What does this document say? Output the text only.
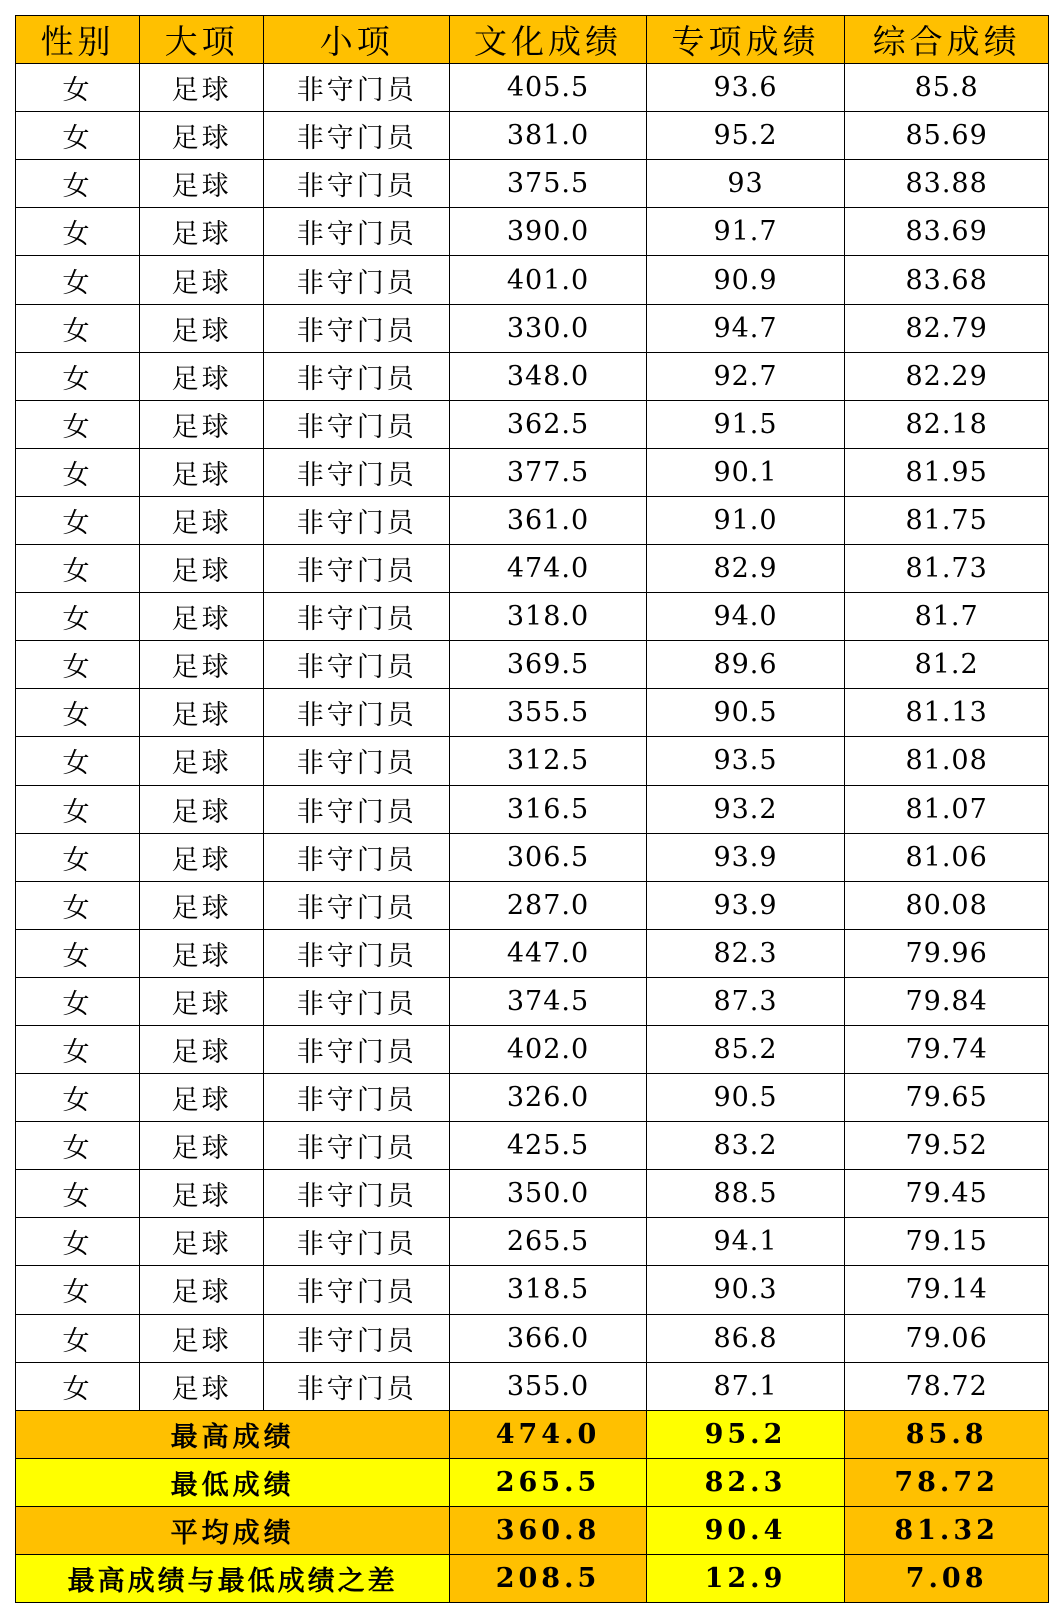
性别	大项	小项	文化成绩	专项成绩	综合成绩
女	足球	非守门员	405.5	93.6	85.8
女	足球	非守门员	381.0	95.2	85.69
女	足球	非守门员	375.5	93	83.88
女	足球	非守门员	390.0	91.7	83.69
女	足球	非守门员	401.0	90.9	83.68
女	足球	非守门员	330.0	94.7	82.79
女	足球	非守门员	348.0	92.7	82.29
女	足球	非守门员	362.5	91.5	82.18
女	足球	非守门员	377.5	90.1	81.95
女	足球	非守门员	361.0	91.0	81.75
女	足球	非守门员	474.0	82.9	81.73
女	足球	非守门员	318.0	94.0	81.7
女	足球	非守门员	369.5	89.6	81.2
女	足球	非守门员	355.5	90.5	81.13
女	足球	非守门员	312.5	93.5	81.08
女	足球	非守门员	316.5	93.2	81.07
女	足球	非守门员	306.5	93.9	81.06
女	足球	非守门员	287.0	93.9	80.08
女	足球	非守门员	447.0	82.3	79.96
女	足球	非守门员	374.5	87.3	79.84
女	足球	非守门员	402.0	85.2	79.74
女	足球	非守门员	326.0	90.5	79.65
女	足球	非守门员	425.5	83.2	79.52
女	足球	非守门员	350.0	88.5	79.45
女	足球	非守门员	265.5	94.1	79.15
女	足球	非守门员	318.5	90.3	79.14
女	足球	非守门员	366.0	86.8	79.06
女	足球	非守门员	355.0	87.1	78.72
最高成绩			474.0	95.2	85.8
最低成绩			265.5	82.3	78.72
平均成绩			360.8	90.4	81.32
最高成绩与最低成绩之差			208.5	12.9	7.08
